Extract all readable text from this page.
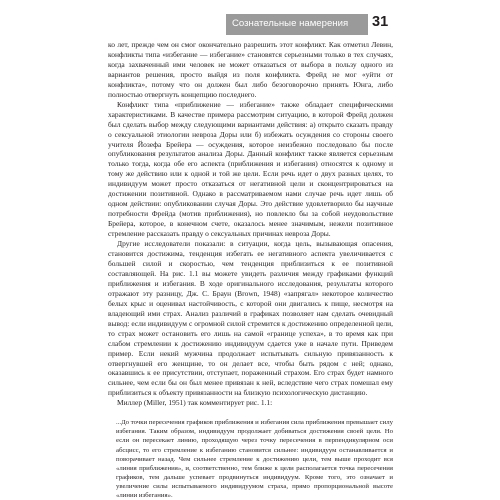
Сознательные намерения 31

ко лет, прежде чем он смог окончательно разрешить этот конфликт. Как отметил Левин, конфликты типа «избегание — избегание» становятся серьезными только в тех случаях, когда захваченный ими человек не может отказаться от выбора в пользу одного из вариантов решения, просто выйдя из поля конфликта. Фрейд не мог «уйти от конфликта», потому что он должен был либо безоговорочно принять Юнга, либо полностью отвергнуть концепцию последнего.

Конфликт типа «приближение — избегание» также обладает специфическими характеристиками. В качестве примера рассмотрим ситуацию, в которой Фрейд должен был сделать выбор между следующими вариантами действия: а) открыто сказать правду о сексуальной этиологии невроза Доры или б) избежать осуждения со стороны своего учителя Йозефа Брейера — осуждения, которое неизбежно последовало бы после опубликования результатов анализа Доры. Данный конфликт также является серьезным только тогда, когда обе его аспекта (приближения и избегания) относятся к одному и тому же действию или к одной и той же цели. Если речь идет о двух разных целях, то индивидуум может просто отказаться от негативной цели и сконцентрироваться на достижении позитивной. Однако в рассматриваемом нами случае речь идет лишь об одном действии: опубликовании случая Доры. Это действие удовлетворило бы научные потребности Фрейда (мотив приближения), но повлекло бы за собой неудовольствие Брейера, которое, в конечном счете, оказалось менее значимым, нежели позитивное стремление рассказать правду о сексуальных причинах невроза Доры.

Другие исследователи показали: в ситуации, когда цель, вызывающая опасения, становится достижима, тенденция избегать ее негативного аспекта увеличивается с большей силой и скоростью, чем тенденция приблизиться к ее позитивной составляющей. На рис. 1.1 вы можете увидеть различия между графиками функций приближения и избегания. В ходе оригинального исследования, результаты которого отражают эту разницу, Дж. С. Браун (Brown, 1948) «запрягал» некоторое количество белых крыс и оценивал настойчивость, с которой они двигались к пище, несмотря на владеющий ими страх. Анализ различий в графиках позволяет нам сделать очевидный вывод: если индивидуум с огромной силой стремится к достижению определенной цели, то страх может остановить его лишь на самой «границе успеха», в то время как при слабом стремлении к достижению индивидуум сдается уже в начале пути. Приведем пример. Если некий мужчина продолжает испытывать сильную привязанность к отвергнувшей его женщине, то он делает все, чтобы быть рядом с ней; однако, оказавшись к ее присутствии, отступает, пораженный страхом. Его страх будет намного сильнее, чем если бы он был менее привязан к ней, вследствие чего страх помешал ему приблизиться к объекту привязанности на близкую психологическую дистанцию.

Миллер (Miller, 1951) так комментирует рис. 1.1:

...До точки пересечения графиков приближения и избегания сила приближения превышает силу избегания. Таким образом, индивидуум продолжает добиваться достижения своей цели. Но если он пересекает линию, проходящую через точку пересечения в перпендикулярном оси абсцисс, то его стремление к избеганию становится сильнее: индивидуум останавливается и поворачивает назад. Чем сильнее стремление к достижению цели, тем выше проходит вся «линия приближения», и, соответственно, тем ближе к цели располагается точка пересечения графиков, тем дальше успевает продвинуться индивидуум. Кроме того, это означает и увеличение силы испытываемого индивидуумом страха, прямо пропорциональной высоте «линии избегания».
